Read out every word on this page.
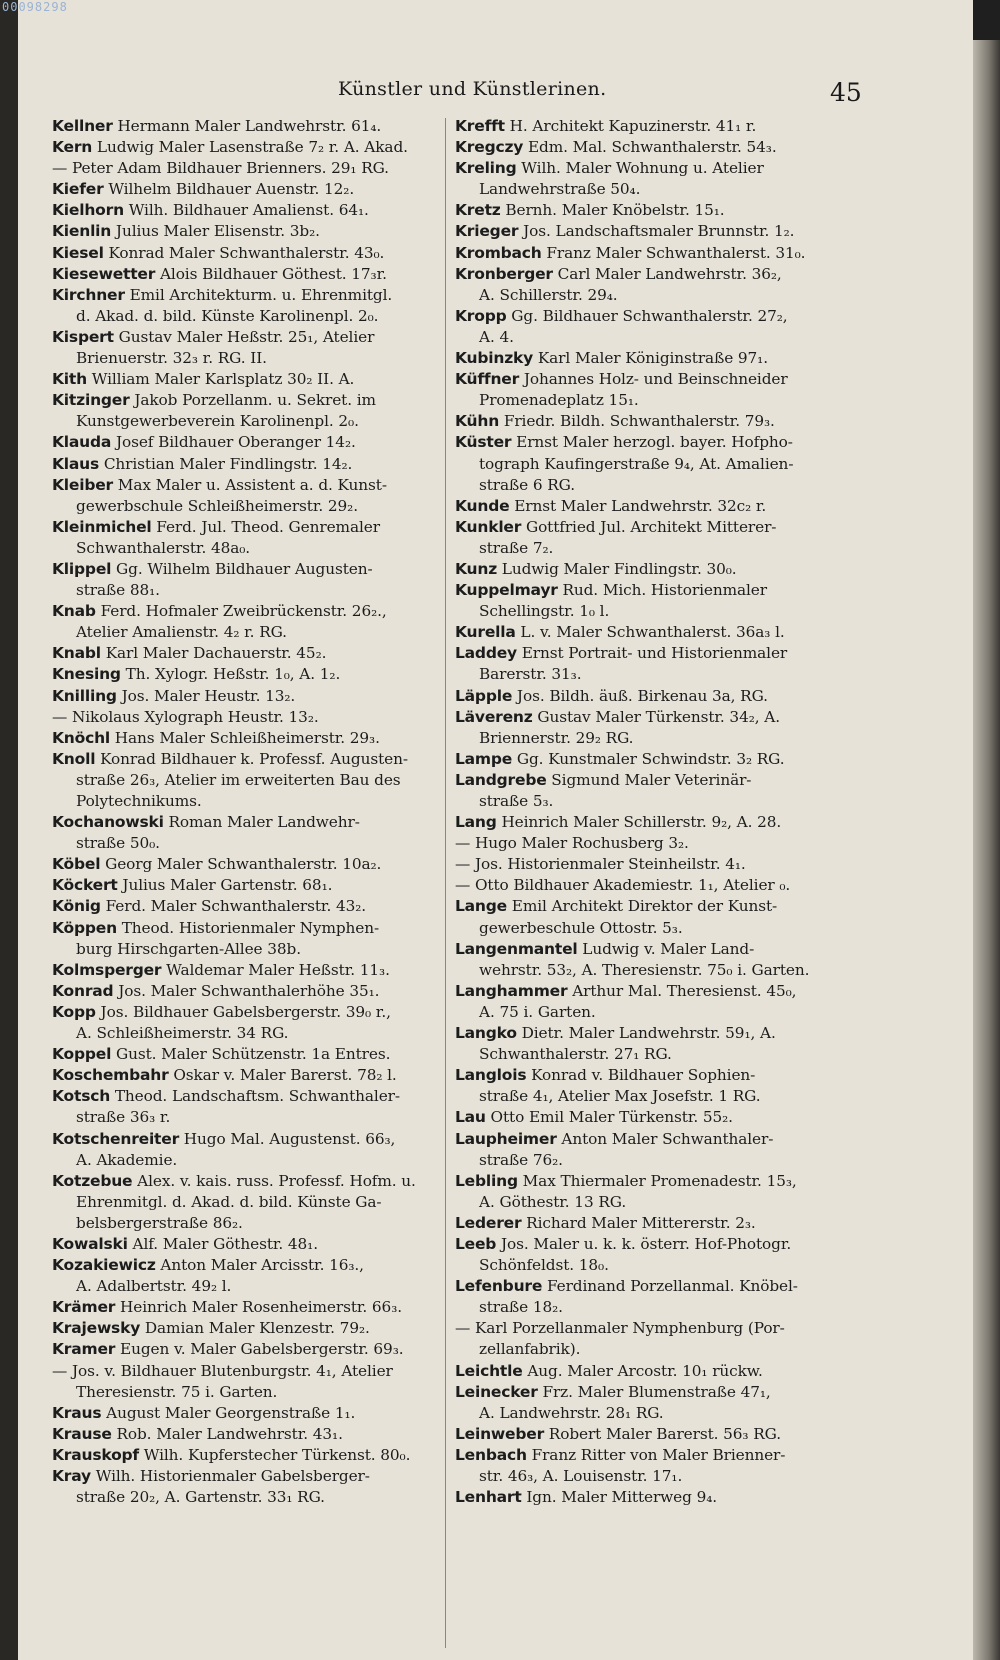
00098298
Künstler und Künstlerinen.	45
Kellner Hermann Maler Landwehrstr. 61₄.
Kern Ludwig Maler Lasenstraße 7₂ r. A. Akad.
— Peter Adam Bildhauer Brienners. 29₁ RG.
Kiefer Wilhelm Bildhauer Auenstr. 12₂.
Kielhorn Wilh. Bildhauer Amalienst. 64₁.
Kienlin Julius Maler Elisenstr. 3b₂.
Kiesel Konrad Maler Schwanthalerstr. 43₀.
Kiesewetter Alois Bildhauer Göthest. 17₃r.
Kirchner Emil Architekturm. u. Ehrenmitgl.
d. Akad. d. bild. Künste Karolinenpl. 2₀.
Kispert Gustav Maler Heßstr. 25₁, Atelier
Brienuerstr. 32₃ r. RG. II.
Kith William Maler Karlsplatz 30₂ II. A.
Kitzinger Jakob Porzellanm. u. Sekret. im
Kunstgewerbeverein Karolinenpl. 2₀.
Klauda Josef Bildhauer Oberanger 14₂.
Klaus Christian Maler Findlingstr. 14₂.
Kleiber Max Maler u. Assistent a. d. Kunst-
gewerbschule Schleißheimerstr. 29₂.
Kleinmichel Ferd. Jul. Theod. Genremaler
Schwanthalerstr. 48a₀.
Klippel Gg. Wilhelm Bildhauer Augusten-
straße 88₁.
Knab Ferd. Hofmaler Zweibrückenstr. 26₂.,
Atelier Amalienstr. 4₂ r. RG.
Knabl Karl Maler Dachauerstr. 45₂.
Knesing Th. Xylogr. Heßstr. 1₀, A. 1₂.
Knilling Jos. Maler Heustr. 13₂.
— Nikolaus Xylograph Heustr. 13₂.
Knöchl Hans Maler Schleißheimerstr. 29₃.
Knoll Konrad Bildhauer k. Professf. Augusten-
straße 26₃, Atelier im erweiterten Bau des
Polytechnikums.
Kochanowski Roman Maler Landwehr-
straße 50₀.
Köbel Georg Maler Schwanthalerstr. 10a₂.
Köckert Julius Maler Gartenstr. 68₁.
König Ferd. Maler Schwanthalerstr. 43₂.
Köppen Theod. Historienmaler Nymphen-
burg Hirschgarten-Allee 38b.
Kolmsperger Waldemar Maler Heßstr. 11₃.
Konrad Jos. Maler Schwanthalerhöhe 35₁.
Kopp Jos. Bildhauer Gabelsbergerstr. 39₀ r.,
A. Schleißheimerstr. 34 RG.
Koppel Gust. Maler Schützenstr. 1a Entres.
Koschembahr Oskar v. Maler Barerst. 78₂ l.
Kotsch Theod. Landschaftsm. Schwanthaler-
straße 36₃ r.
Kotschenreiter Hugo Mal. Augustenst. 66₃,
A. Akademie.
Kotzebue Alex. v. kais. russ. Professf. Hofm. u.
Ehrenmitgl. d. Akad. d. bild. Künste Ga-
belsbergerstraße 86₂.
Kowalski Alf. Maler Göthestr. 48₁.
Kozakiewicz Anton Maler Arcisstr. 16₃.,
A. Adalbertstr. 49₂ l.
Krämer Heinrich Maler Rosenheimerstr. 66₃.
Krajewsky Damian Maler Klenzestr. 79₂.
Kramer Eugen v. Maler Gabelsbergerstr. 69₃.
— Jos. v. Bildhauer Blutenburgstr. 4₁, Atelier
Theresienstr. 75 i. Garten.
Kraus August Maler Georgenstraße 1₁.
Krause Rob. Maler Landwehrstr. 43₁.
Krauskopf Wilh. Kupferstecher Türkenst. 80₀.
Kray Wilh. Historienmaler Gabelsberger-
straße 20₂, A. Gartenstr. 33₁ RG.
Krefft H. Architekt Kapuzinerstr. 41₁ r.
Kregczy Edm. Mal. Schwanthalerstr. 54₃.
Kreling Wilh. Maler Wohnung u. Atelier
Landwehrstraße 50₄.
Kretz Bernh. Maler Knöbelstr. 15₁.
Krieger Jos. Landschaftsmaler Brunnstr. 1₂.
Krombach Franz Maler Schwanthalerst. 31₀.
Kronberger Carl Maler Landwehrstr. 36₂,
A. Schillerstr. 29₄.
Kropp Gg. Bildhauer Schwanthalerstr. 27₂,
A. 4.
Kubinzky Karl Maler Königinstraße 97₁.
Küffner Johannes Holz- und Beinschneider
Promenadeplatz 15₁.
Kühn Friedr. Bildh. Schwanthalerstr. 79₃.
Küster Ernst Maler herzogl. bayer. Hofpho-
tograph Kaufingerstraße 9₄, At. Amalien-
straße 6 RG.
Kunde Ernst Maler Landwehrstr. 32c₂ r.
Kunkler Gottfried Jul. Architekt Mitterer-
straße 7₂.
Kunz Ludwig Maler Findlingstr. 30₀.
Kuppelmayr Rud. Mich. Historienmaler
Schellingstr. 1₀ l.
Kurella L. v. Maler Schwanthalerst. 36a₃ l.
Laddey Ernst Portrait- und Historienmaler
Barerstr. 31₃.
Läpple Jos. Bildh. äuß. Birkenau 3a, RG.
Läverenz Gustav Maler Türkenstr. 34₂, A.
Briennerstr. 29₂ RG.
Lampe Gg. Kunstmaler Schwindstr. 3₂ RG.
Landgrebe Sigmund Maler Veterinär-
straße 5₃.
Lang Heinrich Maler Schillerstr. 9₂, A. 28.
— Hugo Maler Rochusberg 3₂.
— Jos. Historienmaler Steinheilstr. 4₁.
— Otto Bildhauer Akademiestr. 1₁, Atelier ₀.
Lange Emil Architekt Direktor der Kunst-
gewerbeschule Ottostr. 5₃.
Langenmantel Ludwig v. Maler Land-
wehrstr. 53₂, A. Theresienstr. 75₀ i. Garten.
Langhammer Arthur Mal. Theresienst. 45₀,
A. 75 i. Garten.
Langko Dietr. Maler Landwehrstr. 59₁, A.
Schwanthalerstr. 27₁ RG.
Langlois Konrad v. Bildhauer Sophien-
straße 4₁, Atelier Max Josefstr. 1 RG.
Lau Otto Emil Maler Türkenstr. 55₂.
Laupheimer Anton Maler Schwanthaler-
straße 76₂.
Lebling Max Thiermaler Promenadestr. 15₃,
A. Göthestr. 13 RG.
Lederer Richard Maler Mittererstr. 2₃.
Leeb Jos. Maler u. k. k. österr. Hof-Photogr.
Schönfeldst. 18₀.
Lefenbure Ferdinand Porzellanmal. Knöbel-
straße 18₂.
— Karl Porzellanmaler Nymphenburg (Por-
zellanfabrik).
Leichtle Aug. Maler Arcostr. 10₁ rückw.
Leinecker Frz. Maler Blumenstraße 47₁,
A. Landwehrstr. 28₁ RG.
Leinweber Robert Maler Barerst. 56₃ RG.
Lenbach Franz Ritter von Maler Brienner-
str. 46₃, A. Louisenstr. 17₁.
Lenhart Ign. Maler Mitterweg 9₄.
